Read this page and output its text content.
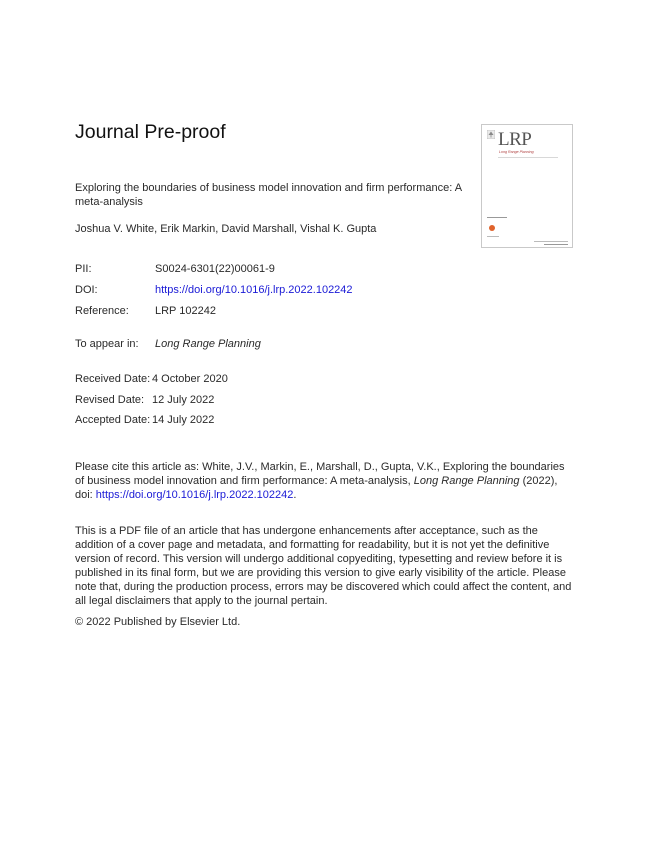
Journal Pre-proof	LRP
Long Range Planning
Exploring the boundaries of business model innovation and firm performance: A meta-analysis
Joshua V. White, Erik Markin, David Marshall, Vishal K. Gupta
PII:	S0024-6301(22)00061-9
DOI:	https://doi.org/10.1016/j.lrp.2022.102242
Reference: LRP 102242
To appear in: Long Range Planning
Received Date: 4 October 2020
Revised Date: 12 July 2022
Accepted Date: 14 July 2022
Please cite this article as: White, J.V., Markin, E., Marshall, D., Gupta, V.K., Exploring the boundaries of business model innovation and firm performance: A meta-analysis, Long Range Planning (2022), doi: https://doi.org/10.1016/j.lrp.2022.102242.
This is a PDF file of an article that has undergone enhancements after acceptance, such as the addition of a cover page and metadata, and formatting for readability, but it is not yet the definitive version of record. This version will undergo additional copyediting, typesetting and review before it is published in its final form, but we are providing this version to give early visibility of the article. Please note that, during the production process, errors may be discovered which could affect the content, and all legal disclaimers that apply to the journal pertain.
© 2022 Published by Elsevier Ltd.
